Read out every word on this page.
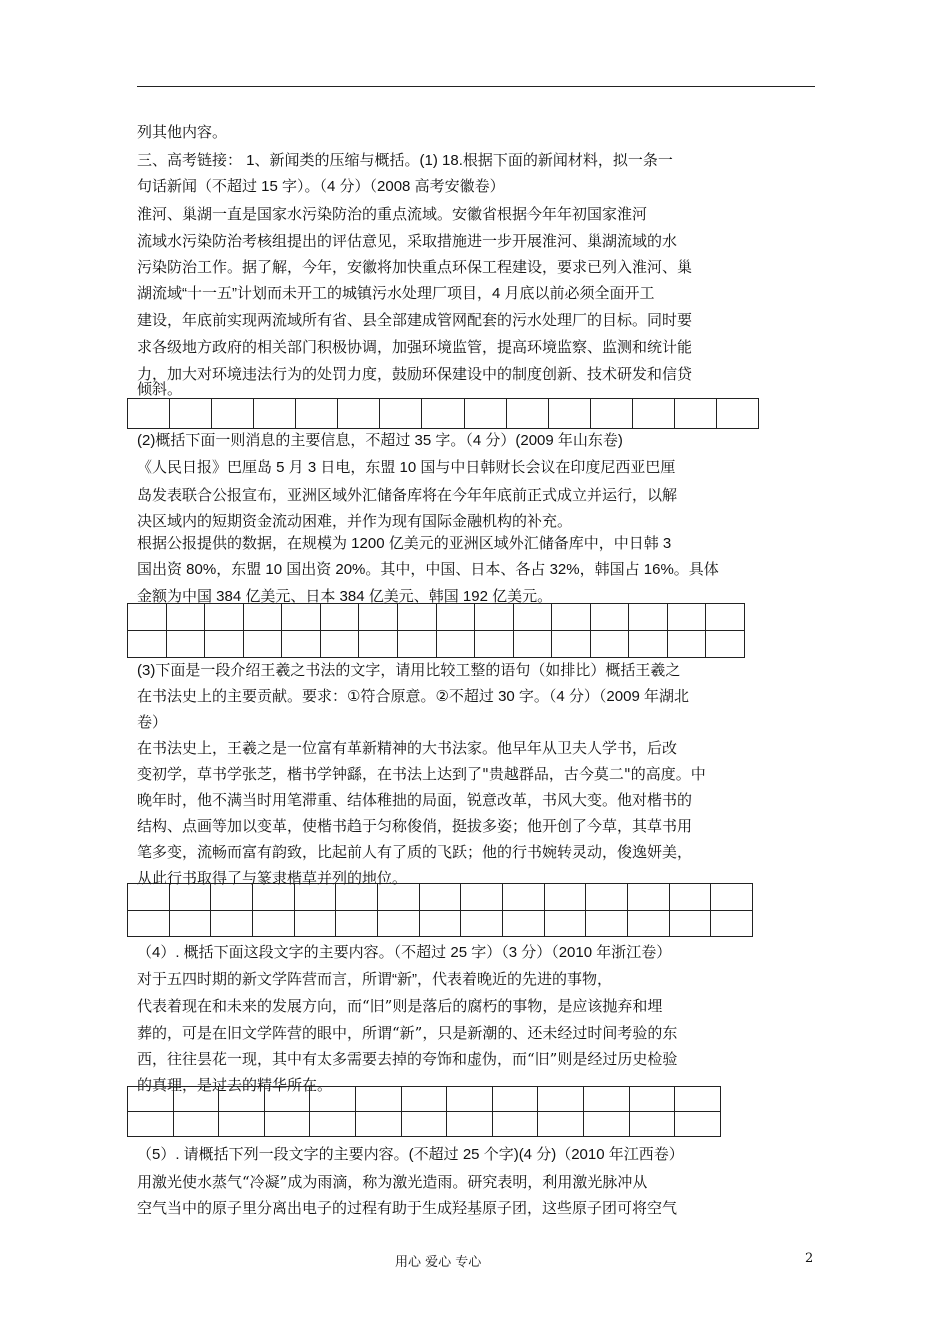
列其他内容。
三、高考链接： 1、新闻类的压缩与概括。(1) 18.根据下面的新闻材料，拟一条一
句话新闻（不超过 15 字）。（4 分）（2008 高考安徽卷）
淮河、巢湖一直是国家水污染防治的重点流域。安徽省根据今年年初国家淮河
流域水污染防治考核组提出的评估意见，采取措施进一步开展淮河、巢湖流域的水
污染防治工作。据了解，今年，安徽将加快重点环保工程建设，要求已列入淮河、巢
湖流域“十一五”计划而未开工的城镇污水处理厂项目，4 月底以前必须全面开工
建设，年底前实现两流域所有省、县全部建成管网配套的污水处理厂的目标。同时要
求各级地方政府的相关部门积极协调，加强环境监管，提高环境监察、监测和统计能
力，加大对环境违法行为的处罚力度，鼓励环保建设中的制度创新、技术研发和信贷
倾斜。
(2)概括下面一则消息的主要信息，不超过 35 字。（4 分）(2009 年山东卷)
《人民日报》巴厘岛 5 月 3 日电，东盟 10 国与中日韩财长会议在印度尼西亚巴厘
岛发表联合公报宣布，亚洲区域外汇储备库将在今年年底前正式成立并运行，以解
决区域内的短期资金流动困难，并作为现有国际金融机构的补充。
根据公报提供的数据，在规模为 1200 亿美元的亚洲区域外汇储备库中，中日韩 3
国出资 80%，东盟 10 国出资 20%。其中，中国、日本、各占 32%，韩国占 16%。具体
金额为中国 384 亿美元、日本 384 亿美元、韩国 192 亿美元。
(3)下面是一段介绍王羲之书法的文字，请用比较工整的语句（如排比）概括王羲之
在书法史上的主要贡献。要求：①符合原意。②不超过 30 字。（4 分）（2009 年湖北
卷）
在书法史上，王羲之是一位富有革新精神的大书法家。他早年从卫夫人学书，后改
变初学，草书学张芝，楷书学钟繇，在书法上达到了"贵越群品，古今莫二"的高度。中
晚年时，他不满当时用笔滞重、结体稚拙的局面，锐意改革，书风大变。他对楷书的
结构、点画等加以变革，使楷书趋于匀称俊俏，挺拔多姿；他开创了今草，其草书用
笔多变，流畅而富有韵致，比起前人有了质的飞跃；他的行书婉转灵动，俊逸妍美，
从此行书取得了与篆隶楷草并列的地位。
（4）. 概括下面这段文字的主要内容。（不超过 25 字）（3 分）（2010 年浙江卷）
对于五四时期的新文学阵营而言，所谓“新”，代表着晚近的先进的事物，
代表着现在和未来的发展方向，而“旧”则是落后的腐朽的事物，是应该抛弃和埋
葬的，可是在旧文学阵营的眼中，所谓“新”，只是新潮的、还未经过时间考验的东
西，往往昙花一现，其中有太多需要去掉的夸饰和虚伪，而“旧”则是经过历史检验
的真理，是过去的精华所在。
（5）. 请概括下列一段文字的主要内容。(不超过 25 个字)(4 分)（2010 年江西卷）
用激光使水蒸气“冷凝”成为雨滴，称为激光造雨。研究表明，利用激光脉冲从
空气当中的原子里分离出电子的过程有助于生成羟基原子团，这些原子团可将空气

用心 爱心 专心	2
